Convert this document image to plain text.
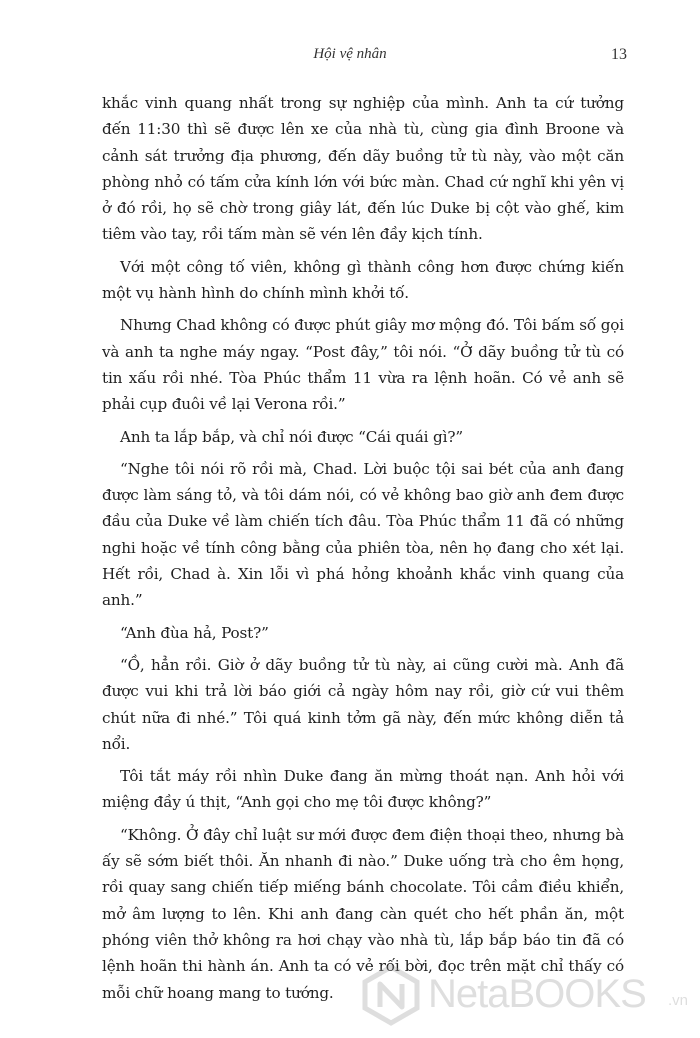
Hội vệ nhân	13

khắc vinh quang nhất trong sự nghiệp của mình. Anh ta cứ tưởng đến 11:30 thì sẽ được lên xe của nhà tù, cùng gia đình Broone và cảnh sát trưởng địa phương, đến dãy buồng tử tù này, vào một căn phòng nhỏ có tấm cửa kính lớn với bức màn. Chad cứ nghĩ khi yên vị ở đó rồi, họ sẽ chờ trong giây lát, đến lúc Duke bị cột vào ghế, kim tiêm vào tay, rồi tấm màn sẽ vén lên đầy kịch tính.

Với một công tố viên, không gì thành công hơn được chứng kiến một vụ hành hình do chính mình khởi tố.

Nhưng Chad không có được phút giây mơ mộng đó. Tôi bấm số gọi và anh ta nghe máy ngay. “Post đây,” tôi nói. “Ở dãy buồng tử tù có tin xấu rồi nhé. Tòa Phúc thẩm 11 vừa ra lệnh hoãn. Có vẻ anh sẽ phải cụp đuôi về lại Verona rồi.”

Anh ta lắp bắp, và chỉ nói được “Cái quái gì?”

“Nghe tôi nói rõ rồi mà, Chad. Lời buộc tội sai bét của anh đang được làm sáng tỏ, và tôi dám nói, có vẻ không bao giờ anh đem được đầu của Duke về làm chiến tích đâu. Tòa Phúc thẩm 11 đã có những nghi hoặc về tính công bằng của phiên tòa, nên họ đang cho xét lại. Hết rồi, Chad à. Xin lỗi vì phá hỏng khoảnh khắc vinh quang của anh.”

“Anh đùa hả, Post?”

“Ồ, hẳn rồi. Giờ ở dãy buồng tử tù này, ai cũng cười mà. Anh đã được vui khi trả lời báo giới cả ngày hôm nay rồi, giờ cứ vui thêm chút nữa đi nhé.” Tôi quá kinh tởm gã này, đến mức không diễn tả nổi.

Tôi tắt máy rồi nhìn Duke đang ăn mừng thoát nạn. Anh hỏi với miệng đầy ú thịt, “Anh gọi cho mẹ tôi được không?”

“Không. Ở đây chỉ luật sư mới được đem điện thoại theo, nhưng bà ấy sẽ sớm biết thôi. Ăn nhanh đi nào.” Duke uống trà cho êm họng, rồi quay sang chiến tiếp miếng bánh chocolate. Tôi cầm điều khiển, mở âm lượng to lên. Khi anh đang càn quét cho hết phần ăn, một phóng viên thở không ra hơi chạy vào nhà tù, lắp bắp báo tin đã có lệnh hoãn thi hành án. Anh ta có vẻ rối bời, đọc trên mặt chỉ thấy có mỗi chữ hoang mang to tướng.	NetaBOOKS .vn
